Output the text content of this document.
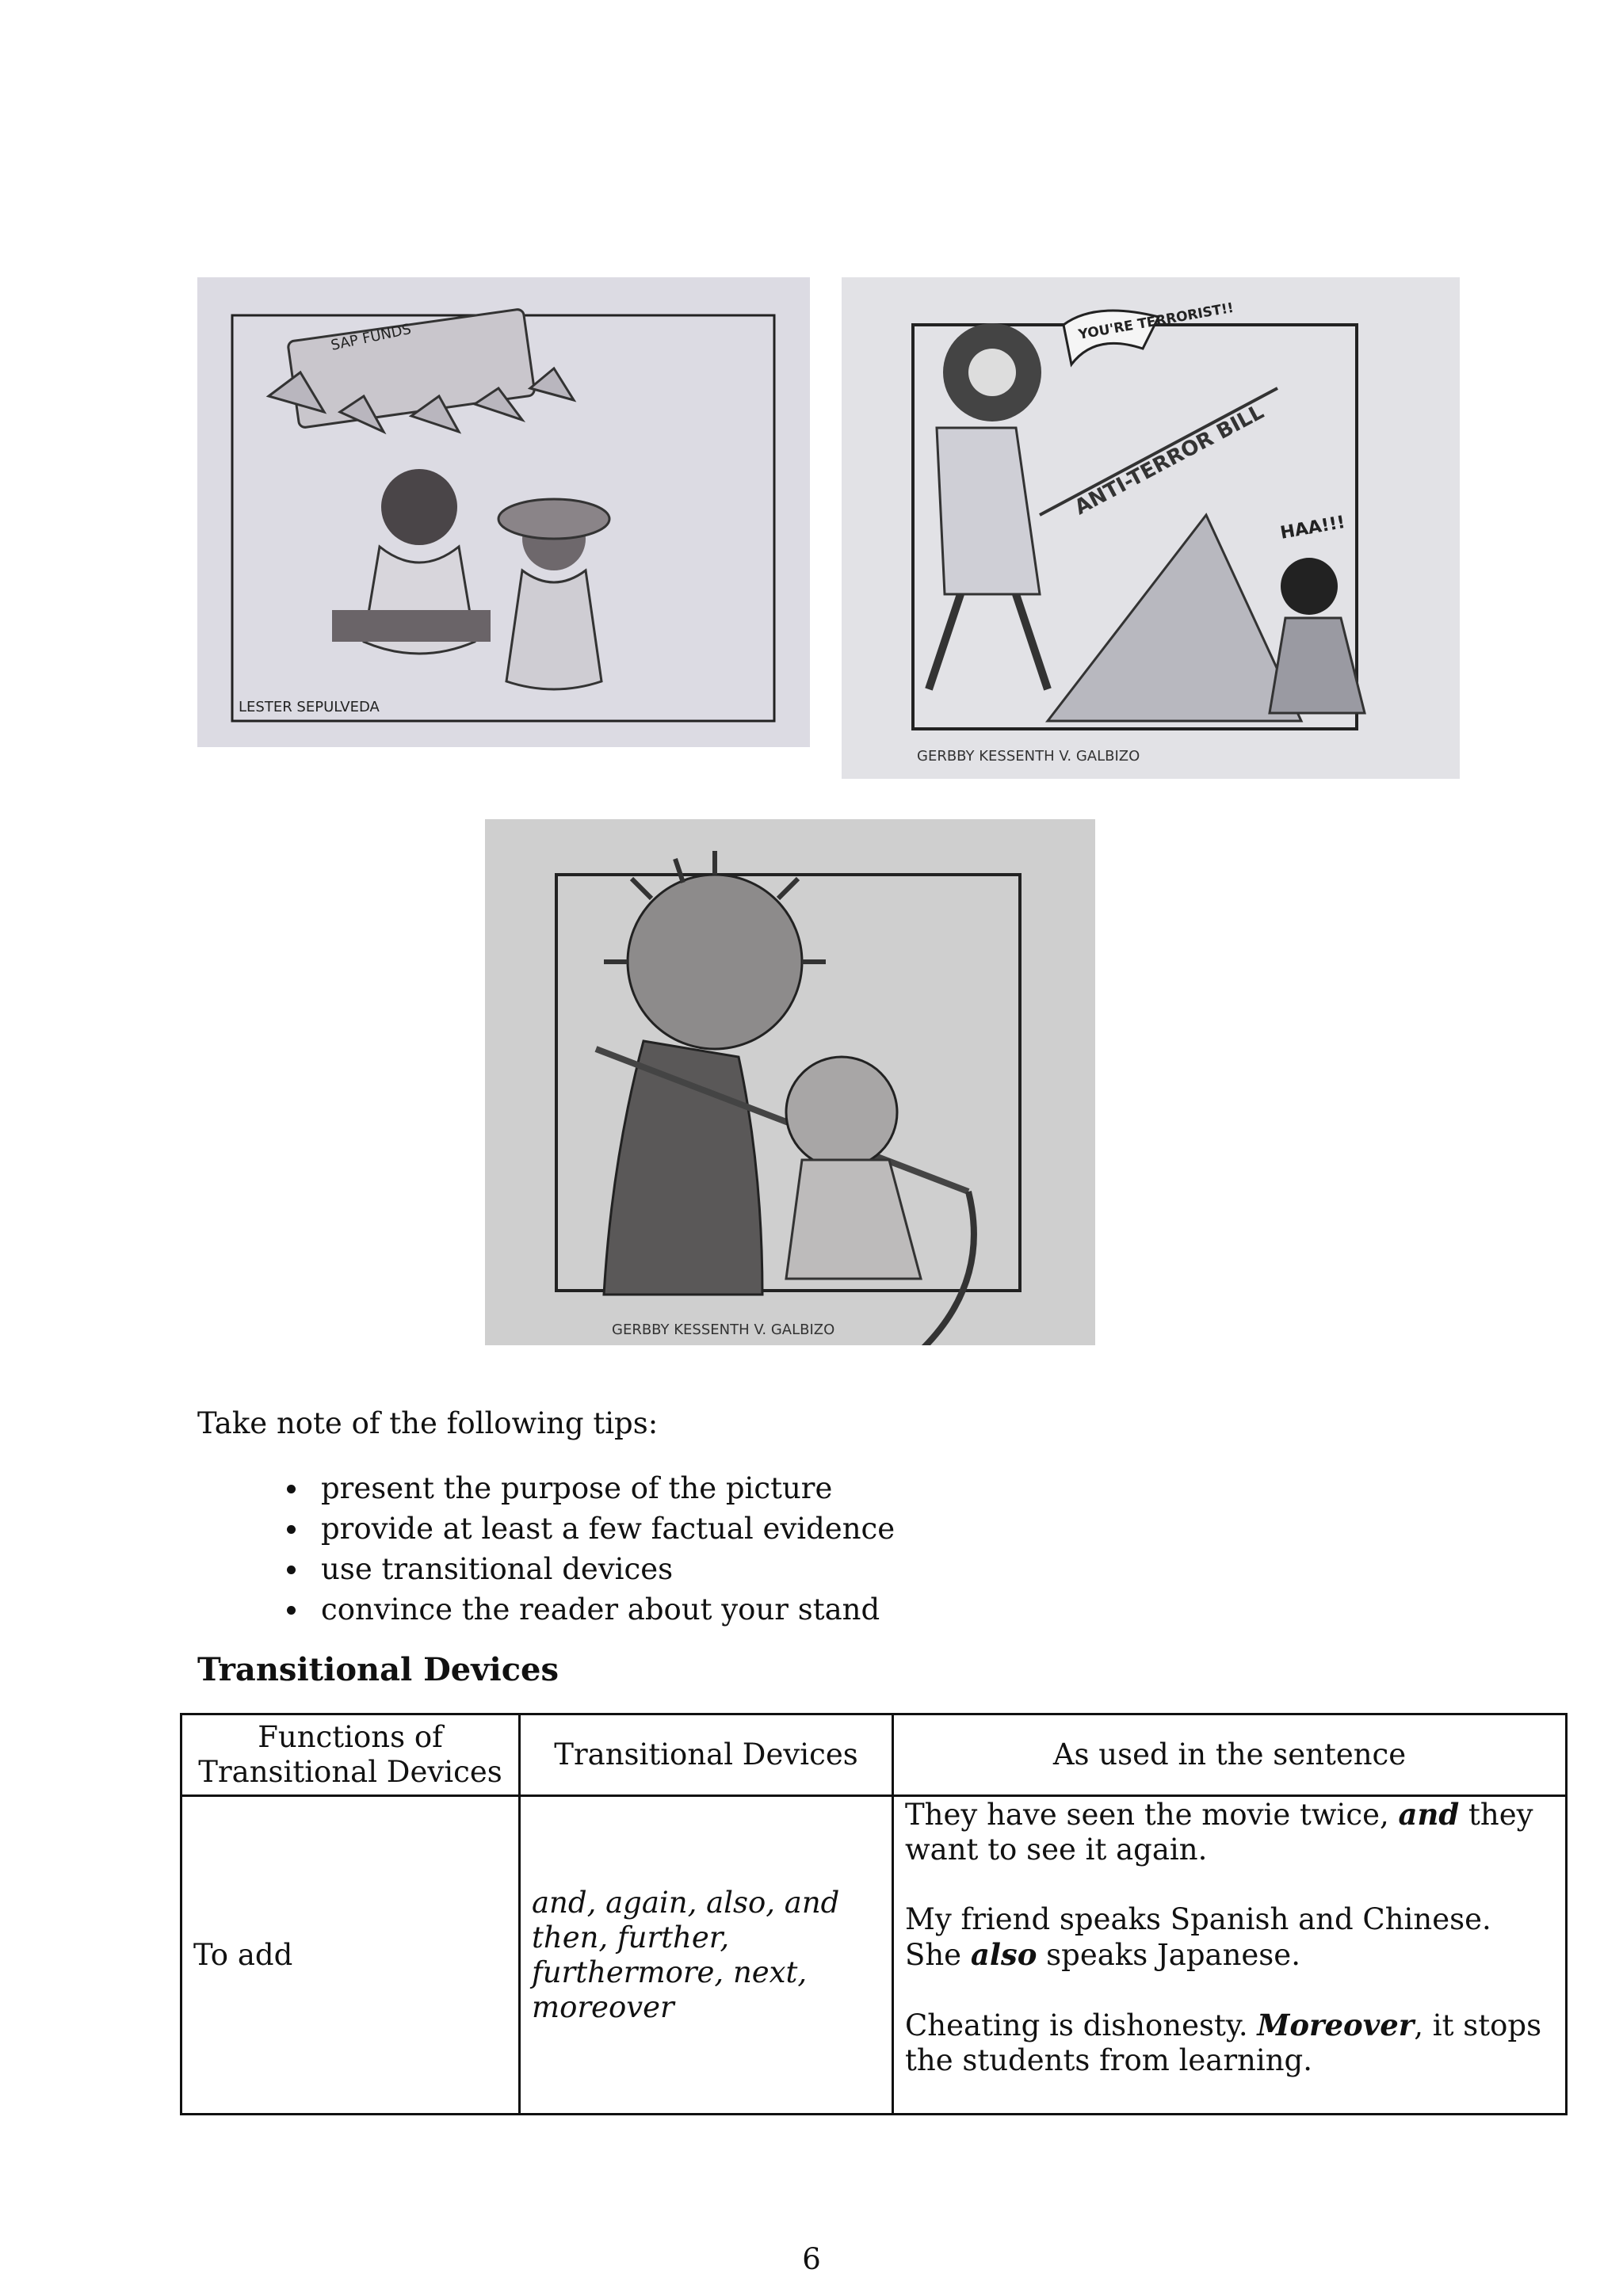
SAP FUNDS
LESTER SEPULVEDA
YOU'RE TERRORIST!!
ANTI-TERROR BILL
HAA!!!
GERBBY KESSENTH V. GALBIZO
GERBBY KESSENTH V. GALBIZO

Take note of the following tips:

present the purpose of the picture
provide at least a few factual evidence
use transitional devices
convince the reader about your stand
Transitional Devices
Functions of Transitional Devices	Transitional Devices	As used in the sentence
To add	and, again, also, and then, further, furthermore, next, moreover	They have seen the movie twice, and they want to see it again.

My friend speaks Spanish and Chinese. She also speaks Japanese.

Cheating is dishonesty. Moreover, it stops the students from learning.

6
